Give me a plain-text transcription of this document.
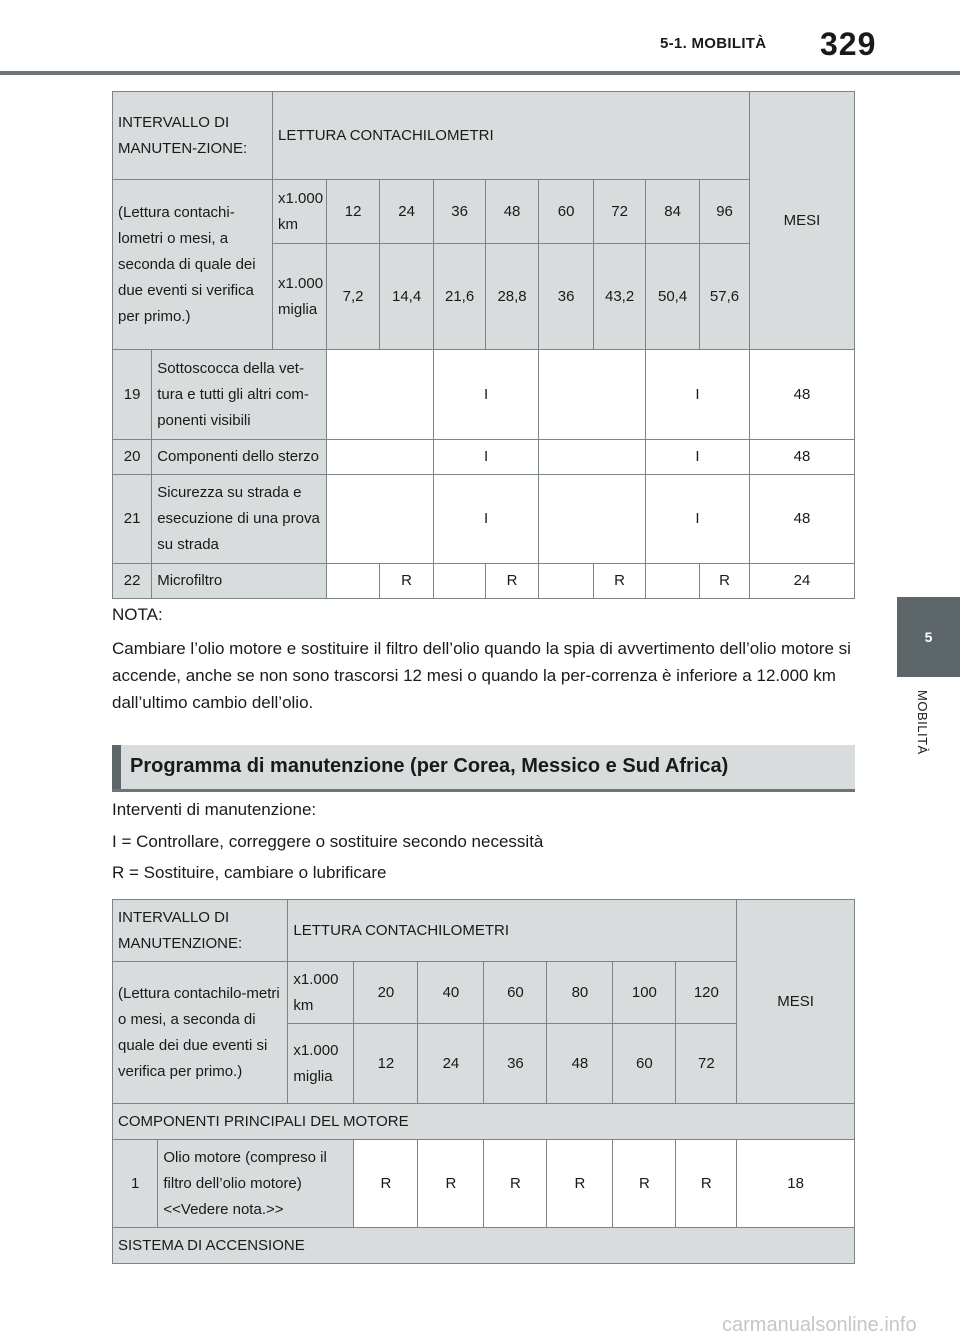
5-1. MOBILITÀ 329
5
MOBILITÀ
INTERVALLO DI MANUTEN-ZIONE:		LETTURA CONTACHILOMETRI									MESI
(Lettura contachi-lometri o mesi, a seconda di quale dei due eventi si verifica per primo.)		x1.000 km	12	24	36	48	60	72	84	96	
		x1.000 miglia	7,2	14,4	21,6	28,8	36	43,2	50,4	57,6	
19	Sottoscocca della vet-tura e tutti gli altri com-ponenti visibili				I				I		48
20	Componenti dello sterzo				I				I		48
21	Sicurezza su strada e esecuzione di una prova su strada				I				I		48
22	Microfiltro			R		R		R		R	24
NOTA:
Cambiare l’olio motore e sostituire il filtro dell’olio quando la spia di avvertimento dell’olio motore si accende, anche se non sono trascorsi 12 mesi o quando la per-correnza è inferiore a 12.000 km dall’ultimo cambio dell’olio.
Programma di manutenzione (per Corea, Messico e Sud Africa)
Interventi di manutenzione:
I = Controllare, correggere o sostituire secondo necessità
R = Sostituire, cambiare o lubrificare
INTERVALLO DI MANUTENZIONE:		LETTURA CONTACHILOMETRI							MESI
(Lettura contachilo-metri o mesi, a seconda di quale dei due eventi si verifica per primo.)		x1.000 km	20	40	60	80	100	120	
		x1.000 miglia	12	24	36	48	60	72	
COMPONENTI PRINCIPALI DEL MOTORE									
1	Olio motore (compreso il filtro dell’olio motore) <<Vedere nota.>>		R	R	R	R	R	R	18
SISTEMA DI ACCENSIONE									
carmanualsonline.info
